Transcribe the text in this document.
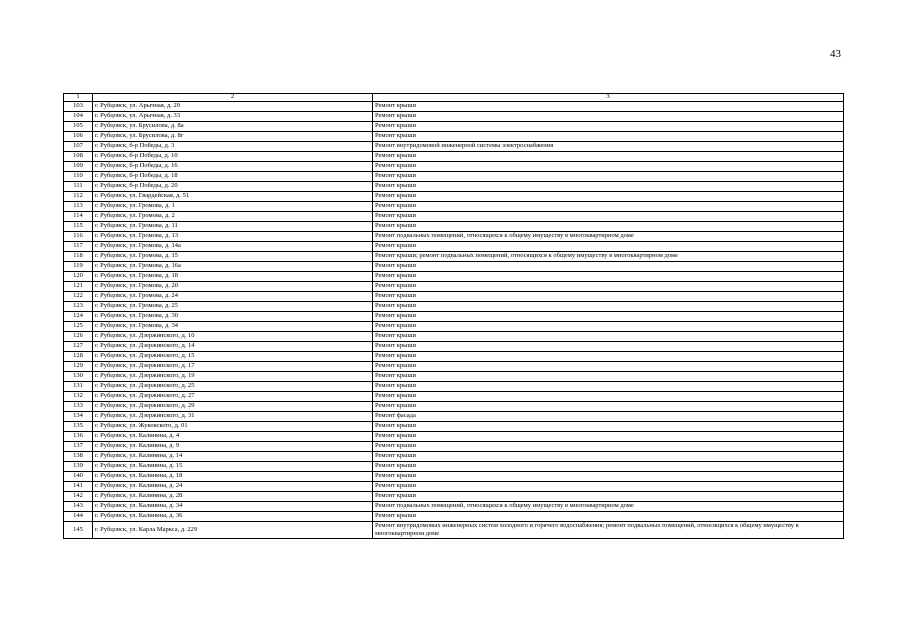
43
1	2	3
103	г. Рубцовск, ул. Арычная, д. 29	Ремонт крыши
104	г. Рубцовск, ул. Арычная, д. 33	Ремонт крыши
105	г. Рубцовск, ул. Брусилова, д. 8а	Ремонт крыши
106	г. Рубцовск, ул. Брусилова, д. 8г	Ремонт крыши
107	г. Рубцовск, б-р Победы, д. 3	Ремонт внутридомовой инженерной системы электроснабжения
108	г. Рубцовск, б-р Победы, д. 10	Ремонт крыши
109	г. Рубцовск, б-р Победы, д. 16	Ремонт крыши
110	г. Рубцовск, б-р Победы, д. 18	Ремонт крыши
111	г. Рубцовск, б-р Победы, д. 20	Ремонт крыши
112	г. Рубцовск, ул. Гвардейская, д. 51	Ремонт крыши
113	г. Рубцовск, ул. Громова, д. 1	Ремонт крыши
114	г. Рубцовск, ул. Громова, д. 2	Ремонт крыши
115	г. Рубцовск, ул. Громова, д. 11	Ремонт крыши
116	г. Рубцовск, ул. Громова, д. 13	Ремонт подвальных помещений, относящихся к общему имуществу в многоквартирном доме
117	г. Рубцовск, ул. Громова, д. 14а	Ремонт крыши
118	г. Рубцовск, ул. Громова, д. 15	Ремонт крыши; ремонт подвальных помещений, относящихся к общему имуществу в многоквартирном доме
119	г. Рубцовск, ул. Громова, д. 16а	Ремонт крыши
120	г. Рубцовск, ул. Громова, д. 18	Ремонт крыши
121	г. Рубцовск, ул. Громова, д. 20	Ремонт крыши
122	г. Рубцовск, ул. Громова, д. 24	Ремонт крыши
123	г. Рубцовск, ул. Громова, д. 25	Ремонт крыши
124	г. Рубцовск, ул. Громова, д. 30	Ремонт крыши
125	г. Рубцовск, ул. Громова, д. 34	Ремонт крыши
126	г. Рубцовск, ул. Дзержинского, д. 10	Ремонт крыши
127	г. Рубцовск, ул. Дзержинского, д. 14	Ремонт крыши
128	г. Рубцовск, ул. Дзержинского, д. 15	Ремонт крыши
129	г. Рубцовск, ул. Дзержинского, д. 17	Ремонт крыши
130	г. Рубцовск, ул. Дзержинского, д. 19	Ремонт крыши
131	г. Рубцовск, ул. Дзержинского, д. 25	Ремонт крыши
132	г. Рубцовск, ул. Дзержинского, д. 27	Ремонт крыши
133	г. Рубцовск, ул. Дзержинского, д. 29	Ремонт крыши
134	г. Рубцовск, ул. Дзержинского, д. 31	Ремонт фасада
135	г. Рубцовск, ул. Жуковского, д. 01	Ремонт крыши
136	г. Рубцовск, ул. Калинина, д. 4	Ремонт крыши
137	г. Рубцовск, ул. Калинина, д. 9	Ремонт крыши
138	г. Рубцовск, ул. Калинина, д. 14	Ремонт крыши
139	г. Рубцовск, ул. Калинина, д. 15	Ремонт крыши
140	г. Рубцовск, ул. Калинина, д. 18	Ремонт крыши
141	г. Рубцовск, ул. Калинина, д. 24	Ремонт крыши
142	г. Рубцовск, ул. Калинина, д. 28	Ремонт крыши
143	г. Рубцовск, ул. Калинина, д. 34	Ремонт подвальных помещений, относящихся к общему имуществу в многоквартирном доме
144	г. Рубцовск, ул. Калинина, д. 36	Ремонт крыши
145	г. Рубцовск, ул. Карла Маркса, д. 229	Ремонт внутридомовых инженерных систем холодного и горячего водоснабжения; ремонт подвальных помещений, относящихся к общему имуществу в многоквартирном доме
